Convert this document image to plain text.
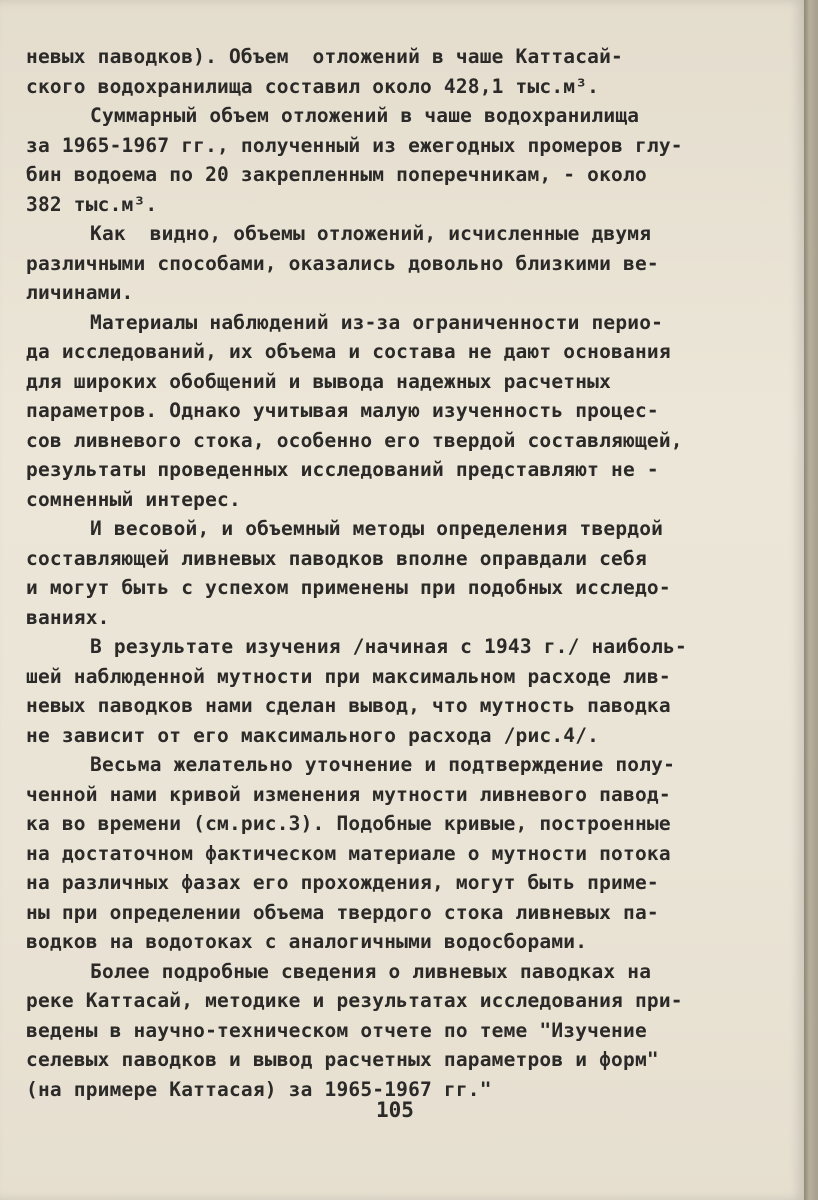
невых паводков). Объем  отложений в чаше Каттасай-
ского водохранилища составил около 428,1 тыс.м³.
Суммарный объем отложений в чаше водохранилища
за 1965-1967 гг., полученный из ежегодных промеров глу-
бин водоема по 20 закрепленным поперечникам, - около
382 тыс.м³.
Как  видно, объемы отложений, исчисленные двумя
различными способами, оказались довольно близкими ве-
личинами.
Материалы наблюдений из-за ограниченности перио-
да исследований, их объема и состава не дают основания
для широких обобщений и вывода надежных расчетных
параметров. Однако учитывая малую изученность процес-
сов ливневого стока, особенно его твердой составляющей,
результаты проведенных исследований представляют не -
сомненный интерес.
И весовой, и объемный методы определения твердой
составляющей ливневых паводков вполне оправдали себя
и могут быть с успехом применены при подобных исследо-
ваниях.
В результате изучения /начиная с 1943 г./ наиболь-
шей наблюденной мутности при максимальном расходе лив-
невых паводков нами сделан вывод, что мутность паводка
не зависит от его максимального расхода /рис.4/.
Весьма желательно уточнение и подтверждение полу-
ченной нами кривой изменения мутности ливневого павод-
ка во времени (см.рис.3). Подобные кривые, построенные
на достаточном фактическом материале о мутности потока
на различных фазах его прохождения, могут быть приме-
ны при определении объема твердого стока ливневых па-
водков на водотоках с аналогичными водосборами.
Более подробные сведения о ливневых паводках на
реке Каттасай, методике и результатах исследования при-
ведены в научно-техническом отчете по теме "Изучение
селевых паводков и вывод расчетных параметров и форм"
(на примере Каттасая) за 1965-1967 гг."
105
